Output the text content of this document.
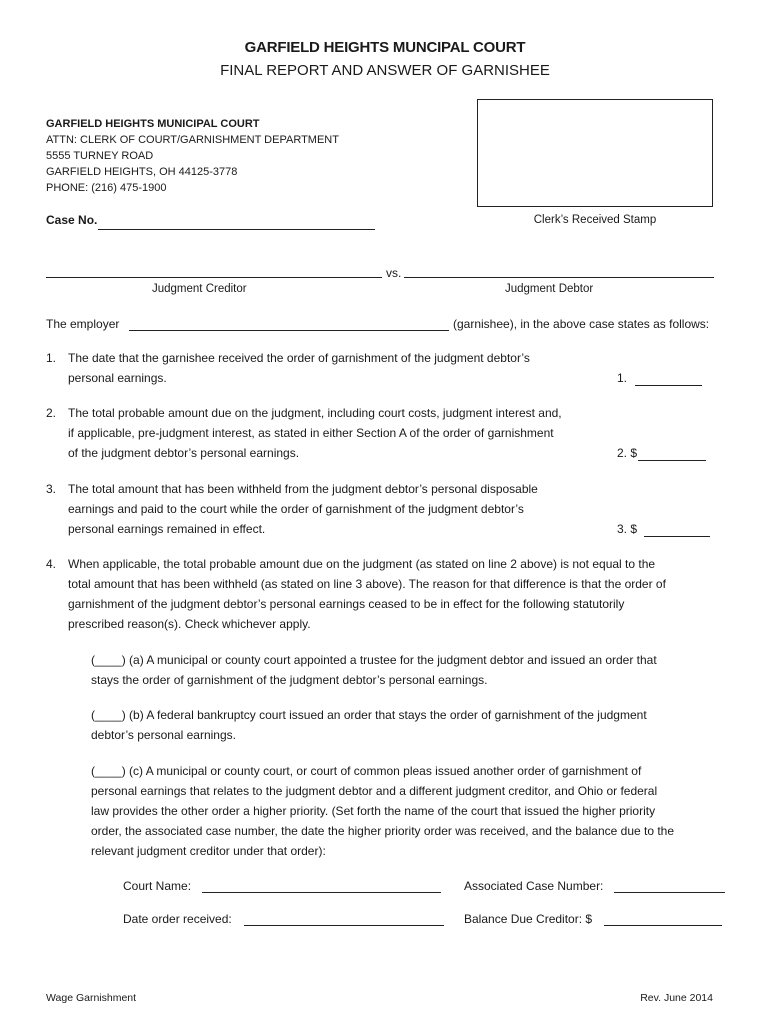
GARFIELD HEIGHTS MUNCIPAL COURT
FINAL REPORT AND ANSWER OF GARNISHEE
GARFIELD HEIGHTS MUNICIPAL COURT
ATTN: CLERK OF COURT/GARNISHMENT DEPARTMENT
5555 TURNEY ROAD
GARFIELD HEIGHTS, OH 44125-3778
PHONE: (216) 475-1900
Clerk’s Received Stamp
Case No.
vs.
Judgment Creditor	Judgment Debtor
The employer	(garnishee), in the above case states as follows:
1. The date that the garnishee received the order of garnishment of the judgment debtor’s
personal earnings.	1.
2. The total probable amount due on the judgment, including court costs, judgment interest and,
if applicable, pre-judgment interest, as stated in either Section A of the order of garnishment
of the judgment debtor’s personal earnings.	2. $
3. The total amount that has been withheld from the judgment debtor’s personal disposable
earnings and paid to the court while the order of garnishment of the judgment debtor’s
personal earnings remained in effect.	3. $
4. When applicable, the total probable amount due on the judgment (as stated on line 2 above) is not equal to the
total amount that has been withheld (as stated on line 3 above). The reason for that difference is that the order of
garnishment of the judgment debtor’s personal earnings ceased to be in effect for the following statutorily
prescribed reason(s). Check whichever apply.
(____) (a) A municipal or county court appointed a trustee for the judgment debtor and issued an order that
stays the order of garnishment of the judgment debtor’s personal earnings.
(____) (b) A federal bankruptcy court issued an order that stays the order of garnishment of the judgment
debtor’s personal earnings.
(____) (c) A municipal or county court, or court of common pleas issued another order of garnishment of
personal earnings that relates to the judgment debtor and a different judgment creditor, and Ohio or federal
law provides the other order a higher priority. (Set forth the name of the court that issued the higher priority
order, the associated case number, the date the higher priority order was received, and the balance due to the
relevant judgment creditor under that order):
Court Name:	Associated Case Number:
Date order received:	Balance Due Creditor: $
Wage Garnishment	Rev. June 2014
